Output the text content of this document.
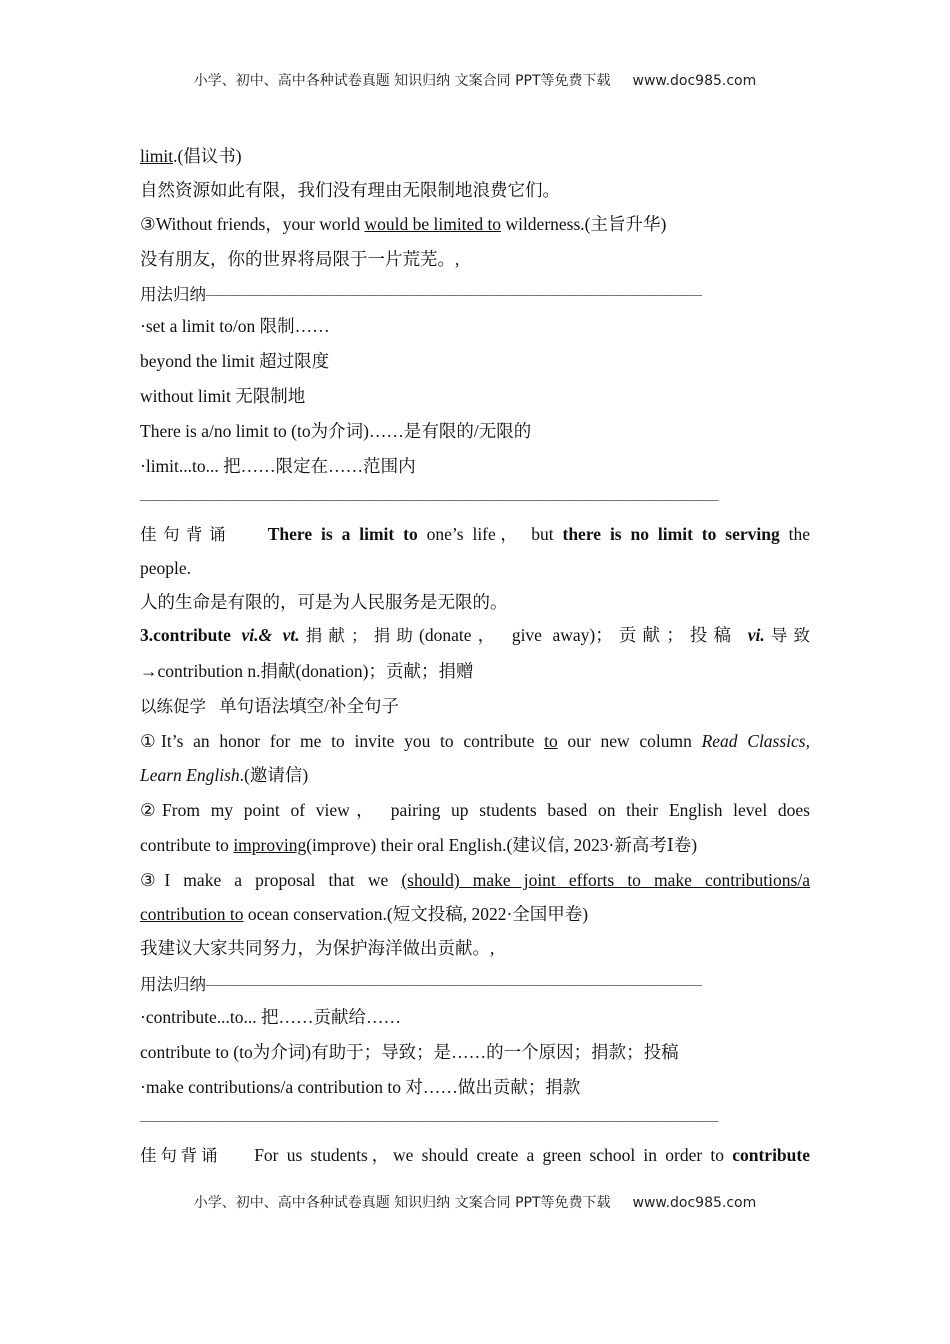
小学、初中、高中各种试卷真题 知识归纳 文案合同 PPT等免费下载 www.doc985.com
limit.(倡议书)
自然资源如此有限，我们没有理由无限制地浪费它们。
③Without friends，your world would be limited to wilderness.(主旨升华)
没有朋友，你的世界将局限于一片荒芜。,
用法归纳——————————————————————————————
·set a limit to/on 限制……
beyond the limit 超过限度
without limit 无限制地
There is a/no limit to (to为介词)……是有限的/无限的
·limit...to... 把……限定在……范围内
———————————————————————————————————
佳句背诵 There is a limit to one’s life， but there is no limit to serving the
people.
人的生命是有限的，可是为人民服务是无限的。
3.contribute vi.& vt.捐献；捐助(donate， give away)；贡献；投稿 vi.导致
→contribution n.捐献(donation)；贡献；捐赠
以练促学 单句语法填空/补全句子
①It’s an honor for me to invite you to contribute to our new column Read Classics,
Learn English.(邀请信)
②From my point of view， pairing up students based on their English level does
contribute to improving(improve) their oral English.(建议信, 2023·新高考Ⅰ卷)
③I make a proposal that we (should) make joint efforts to make contributions/a
contribution to ocean conservation.(短文投稿, 2022·全国甲卷)
我建议大家共同努力，为保护海洋做出贡献。,
用法归纳——————————————————————————————
·contribute...to... 把……贡献给……
contribute to (to为介词)有助于；导致；是……的一个原因；捐款；投稿
·make contributions/a contribution to 对……做出贡献；捐款
———————————————————————————————————
佳句背诵 For us students，we should create a green school in order to contribute
小学、初中、高中各种试卷真题 知识归纳 文案合同 PPT等免费下载 www.doc985.com
